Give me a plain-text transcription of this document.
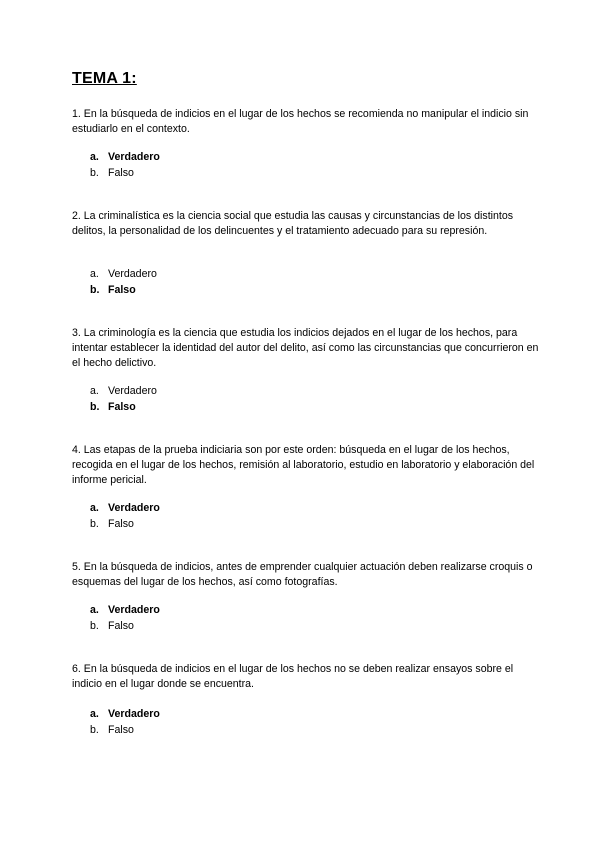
TEMA 1:
1. En la búsqueda de indicios en el lugar de los hechos se recomienda no manipular el indicio sin estudiarlo en el contexto.
a. Verdadero
b. Falso
2. La criminalística es la ciencia social que estudia las causas y circunstancias de los distintos delitos, la personalidad de los delincuentes y el tratamiento adecuado para su represión.
a. Verdadero
b. Falso
3. La criminología es la ciencia que estudia los indicios dejados en el lugar de los hechos, para intentar establecer la identidad del autor del delito, así como las circunstancias que concurrieron en el hecho delictivo.
a. Verdadero
b. Falso
4. Las etapas de la prueba indiciaria son por este orden: búsqueda en el lugar de los hechos, recogida en el lugar de los hechos, remisión al laboratorio, estudio en laboratorio y elaboración del informe pericial.
a. Verdadero
b. Falso
5. En la búsqueda de indicios, antes de emprender cualquier actuación deben realizarse croquis o esquemas del lugar de los hechos, así como fotografías.
a. Verdadero
b. Falso
6. En la búsqueda de indicios en el lugar de los hechos no se deben realizar ensayos sobre el indicio en el lugar donde se encuentra.
a. Verdadero
b. Falso
